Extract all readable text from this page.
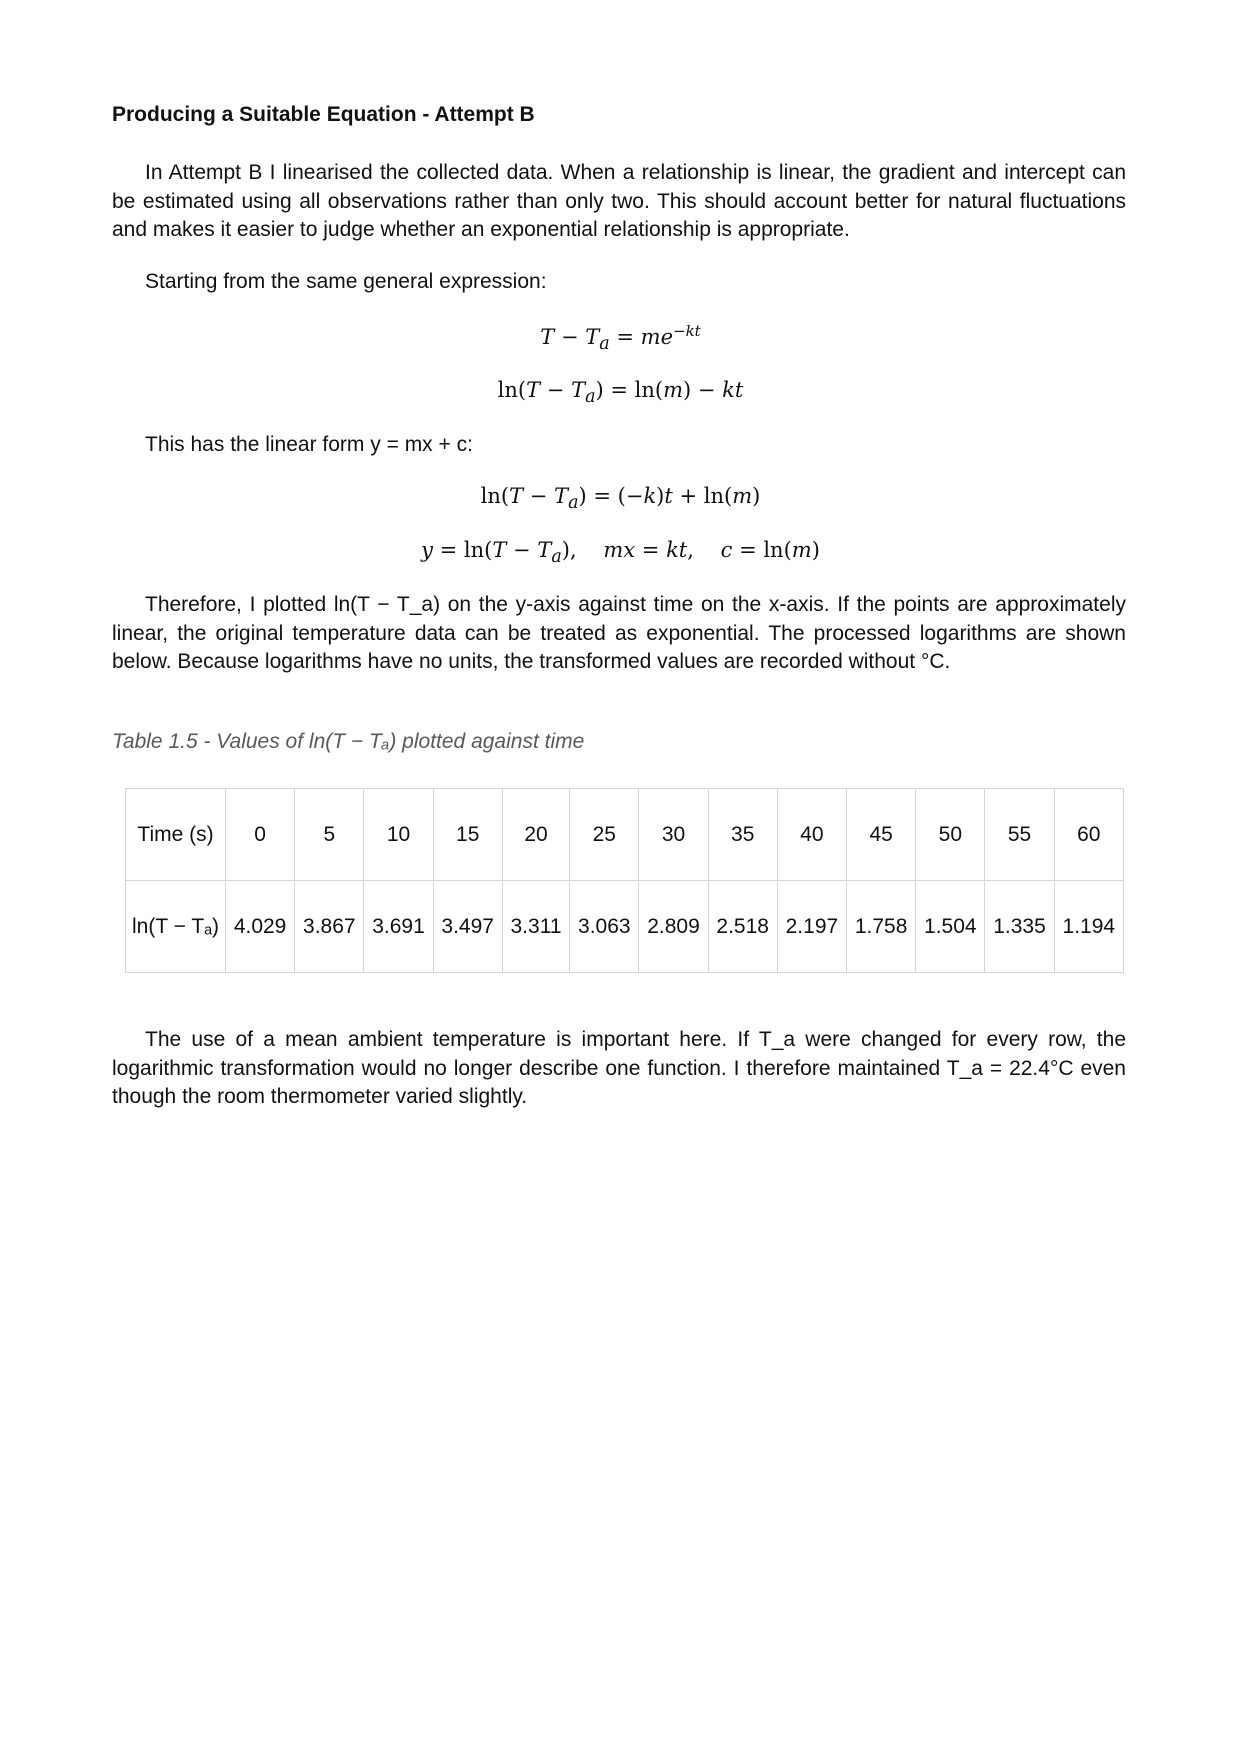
Producing a Suitable Equation - Attempt B

In Attempt B I linearised the collected data. When a relationship is linear, the gradient and intercept can be estimated using all observations rather than only two. This should account better for natural fluctuations and makes it easier to judge whether an exponential relationship is appropriate.

Starting from the same general expression:

$T - T_a = me^{-kt}$
$\ln(T - T_a) = \ln(m)$ − kt

This has the linear form y = mx + c:

$\ln(T - T_a) = (-k)t + \ln(m)$
$y = \ln(T - T_a)$,    mx = kt,    c = ln(m)

Therefore, I plotted ln(T − T_a) on the y-axis against time on the x-axis. If the points are approximately linear, the original temperature data can be treated as exponential. The processed logarithms are shown below. Because logarithms have no units, the transformed values are recorded without °C.

Table 1.5 - Values of ln(T − Tₐ) plotted against time
Time (s)	0	5	10	15	20	25	30	35	40	45	50	55	60
ln(T − Tₐ)	4.029	3.867	3.691	3.497	3.311	3.063	2.809	2.518	2.197	1.758	1.504	1.335	1.194

The use of a mean ambient temperature is important here. If T_a were changed for every row, the logarithmic transformation would no longer describe one function. I therefore maintained T_a = 22.4°C even though the room thermometer varied slightly.
